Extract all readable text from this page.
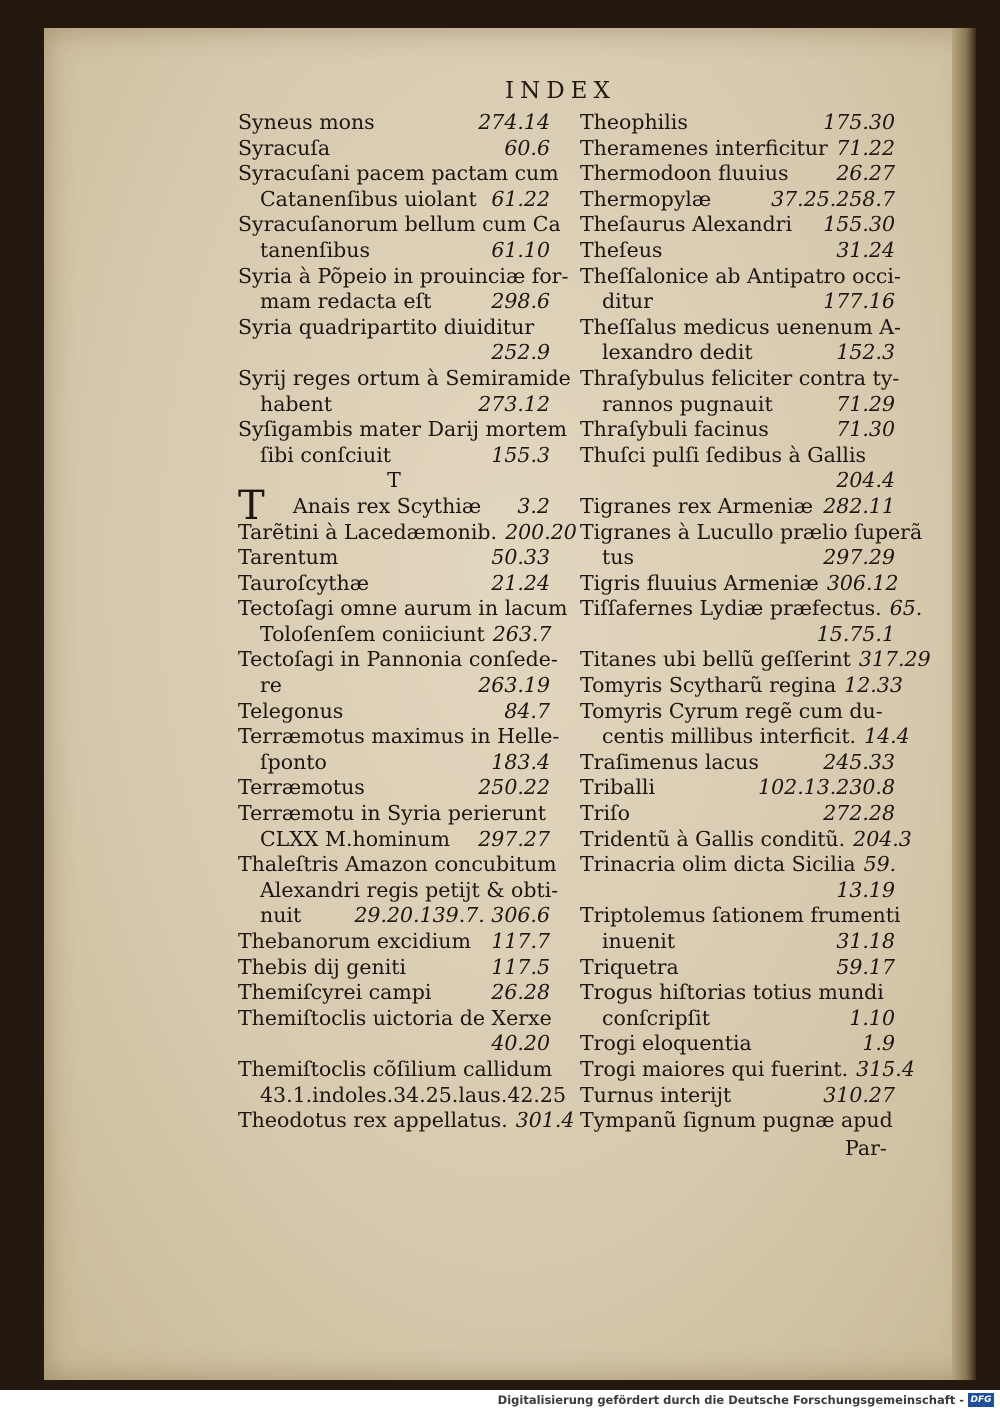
INDEX
Syneus mons	274.14
Syracuſa	60.6
Syracuſani pacem pactam cum
Catanenſibus uiolant 61.22
Syracuſanorum bellum cum Ca
tanenſibus	61.10
Syria à Põpeio in prouinciæ for-
mam redacta eſt	298.6
Syria quadripartito diuiditur
252.9
Syrij reges ortum à Semiramide
habent	273.12
Syſigambis mater Darij mortem
ſibi conſciuit	155.3
T
T Anais rex Scythiæ 3.2
Tarẽtini à Lacedæmonib. 200.20
Tarentum	50.33
Tauroſcythæ	21.24
Tectoſagi omne aurum in lacum
Toloſenſem coniiciunt 263.7
Tectoſagi in Pannonia conſede-
re	263.19
Telegonus	84.7
Terræmotus maximus in Helle-
ſponto	183.4
Terræmotus	250.22
Terræmotu in Syria perierunt
CLXX M.hominum 297.27
Thaleſtris Amazon concubitum
Alexandri regis petijt & obti-
nuit	29.20.139.7. 306.6
Thebanorum excidium 117.7
Thebis dij geniti	117.5
Themiſcyrei campi	26.28
Themiſtoclis uictoria de Xerxe
40.20
Themiſtoclis cõſilium callidum
43.1.indoles.34.25.laus.42.25
Theodotus rex appellatus. 301.4
Theophilis	175.30
Theramenes interficitur 71.22
Thermodoon fluuius 26.27
Thermopylæ	37.25.258.7
Theſaurus Alexandri 155.30
Theſeus	31.24
Theſſalonice ab Antipatro occi-
ditur	177.16
Theſſalus medicus uenenum A-
lexandro dedit	152.3
Thraſybulus feliciter contra ty-
rannos pugnauit	71.29
Thraſybuli facinus	71.30
Thuſci pulſi ſedibus à Gallis
204.4
Tigranes rex Armeniæ 282.11
Tigranes à Lucullo prælio ſuperã
tus	297.29
Tigris fluuius Armeniæ 306.12
Tiſſafernes Lydiæ præfectus. 65.
15.75.1
Titanes ubi bellũ geſſerint 317.29
Tomyris Scytharũ regina 12.33
Tomyris Cyrum regẽ cum du-
centis millibus interficit. 14.4
Traſimenus lacus	245.33
Triballi	102.13.230.8
Triſo	272.28
Tridentũ à Gallis conditũ. 204.3
Trinacria olim dicta Sicilia 59.
13.19
Triptolemus ſationem frumenti
inuenit	31.18
Triquetra	59.17
Trogus hiſtorias totius mundi
conſcripſit	1.10
Trogi eloquentia	1.9
Trogi maiores qui fuerint. 315.4
Turnus interijt	310.27
Tympanũ ſignum pugnæ apud
Par-
Digitalisierung gefördert durch die Deutsche Forschungsgemeinschaft - DFG
